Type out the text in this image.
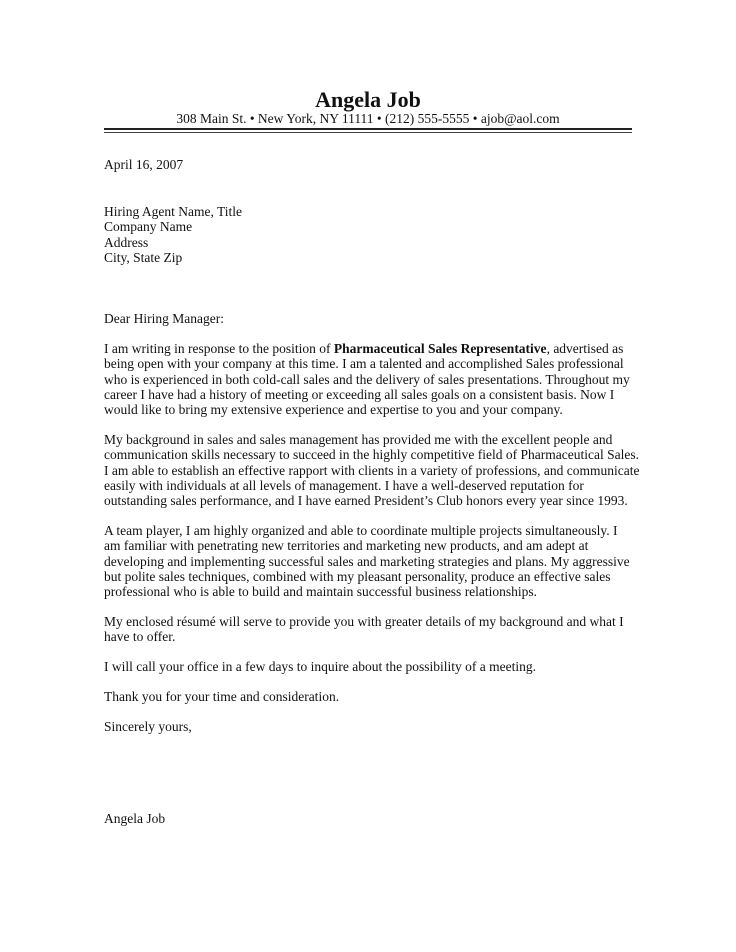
Angela Job
308 Main St. • New York, NY 11111 • (212) 555-5555 • ajob@aol.com
April 16, 2007
Hiring Agent Name, Title
Company Name
Address
City, State Zip
Dear Hiring Manager:
I am writing in response to the position of Pharmaceutical Sales Representative, advertised as
being open with your company at this time. I am a talented and accomplished Sales professional
who is experienced in both cold-call sales and the delivery of sales presentations. Throughout my
career I have had a history of meeting or exceeding all sales goals on a consistent basis. Now I
would like to bring my extensive experience and expertise to you and your company.
My background in sales and sales management has provided me with the excellent people and
communication skills necessary to succeed in the highly competitive field of Pharmaceutical Sales.
I am able to establish an effective rapport with clients in a variety of professions, and communicate
easily with individuals at all levels of management. I have a well-deserved reputation for
outstanding sales performance, and I have earned President’s Club honors every year since 1993.
A team player, I am highly organized and able to coordinate multiple projects simultaneously. I
am familiar with penetrating new territories and marketing new products, and am adept at
developing and implementing successful sales and marketing strategies and plans. My aggressive
but polite sales techniques, combined with my pleasant personality, produce an effective sales
professional who is able to build and maintain successful business relationships.
My enclosed résumé will serve to provide you with greater details of my background and what I
have to offer.
I will call your office in a few days to inquire about the possibility of a meeting.
Thank you for your time and consideration.
Sincerely yours,
Angela Job
